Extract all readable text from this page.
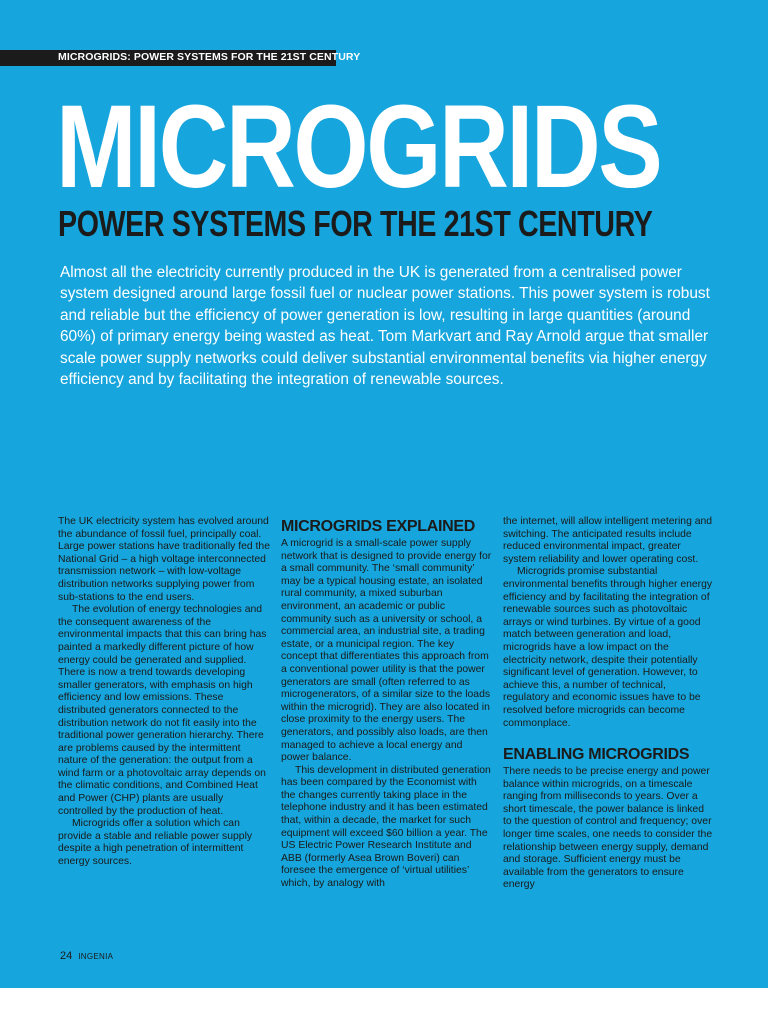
MICROGRIDS: POWER SYSTEMS FOR THE 21ST CENTURY
MICROGRIDS
POWER SYSTEMS FOR THE 21ST CENTURY

Almost all the electricity currently produced in the UK is generated from a centralised power system designed around large fossil fuel or nuclear power stations. This power system is robust and reliable but the efficiency of power generation is low, resulting in large quantities (around 60%) of primary energy being wasted as heat. Tom Markvart and Ray Arnold argue that smaller scale power supply networks could deliver substantial environmental benefits via higher energy efficiency and by facilitating the integration of renewable sources.

The UK electricity system has evolved around the abundance of fossil fuel, principally coal. Large power stations have traditionally fed the National Grid – a high voltage interconnected transmission network – with low-voltage distribution networks supplying power from sub-stations to the end users.

The evolution of energy technologies and the consequent awareness of the environmental impacts that this can bring has painted a markedly different picture of how energy could be generated and supplied. There is now a trend towards developing smaller generators, with emphasis on high efficiency and low emissions. These distributed generators connected to the distribution network do not fit easily into the traditional power generation hierarchy. There are problems caused by the intermittent nature of the generation: the output from a wind farm or a photovoltaic array depends on the climatic conditions, and Combined Heat and Power (CHP) plants are usually controlled by the production of heat.

Microgrids offer a solution which can provide a stable and reliable power supply despite a high penetration of intermittent energy sources.

MICROGRIDS EXPLAINED

A microgrid is a small-scale power supply network that is designed to provide energy for a small community. The ‘small community’ may be a typical housing estate, an isolated rural community, a mixed suburban environment, an academic or public community such as a university or school, a commercial area, an industrial site, a trading estate, or a municipal region. The key concept that differentiates this approach from a conventional power utility is that the power generators are small (often referred to as microgenerators, of a similar size to the loads within the microgrid). They are also located in close proximity to the energy users. The generators, and possibly also loads, are then managed to achieve a local energy and power balance.

This development in distributed generation has been compared by the Economist with the changes currently taking place in the telephone industry and it has been estimated that, within a decade, the market for such equipment will exceed $60 billion a year. The US Electric Power Research Institute and ABB (formerly Asea Brown Boveri) can foresee the emergence of ‘virtual utilities’ which, by analogy with

the internet, will allow intelligent metering and switching. The anticipated results include reduced environmental impact, greater system reliability and lower operating cost.

Microgrids promise substantial environmental benefits through higher energy efficiency and by facilitating the integration of renewable sources such as photovoltaic arrays or wind turbines. By virtue of a good match between generation and load, microgrids have a low impact on the electricity network, despite their potentially significant level of generation. However, to achieve this, a number of technical, regulatory and economic issues have to be resolved before microgrids can become commonplace.

ENABLING MICROGRIDS

There needs to be precise energy and power balance within microgrids, on a timescale ranging from milliseconds to years. Over a short timescale, the power balance is linked to the question of control and frequency; over longer time scales, one needs to consider the relationship between energy supply, demand and storage. Sufficient energy must be available from the generators to ensure energy

24 INGENIA
